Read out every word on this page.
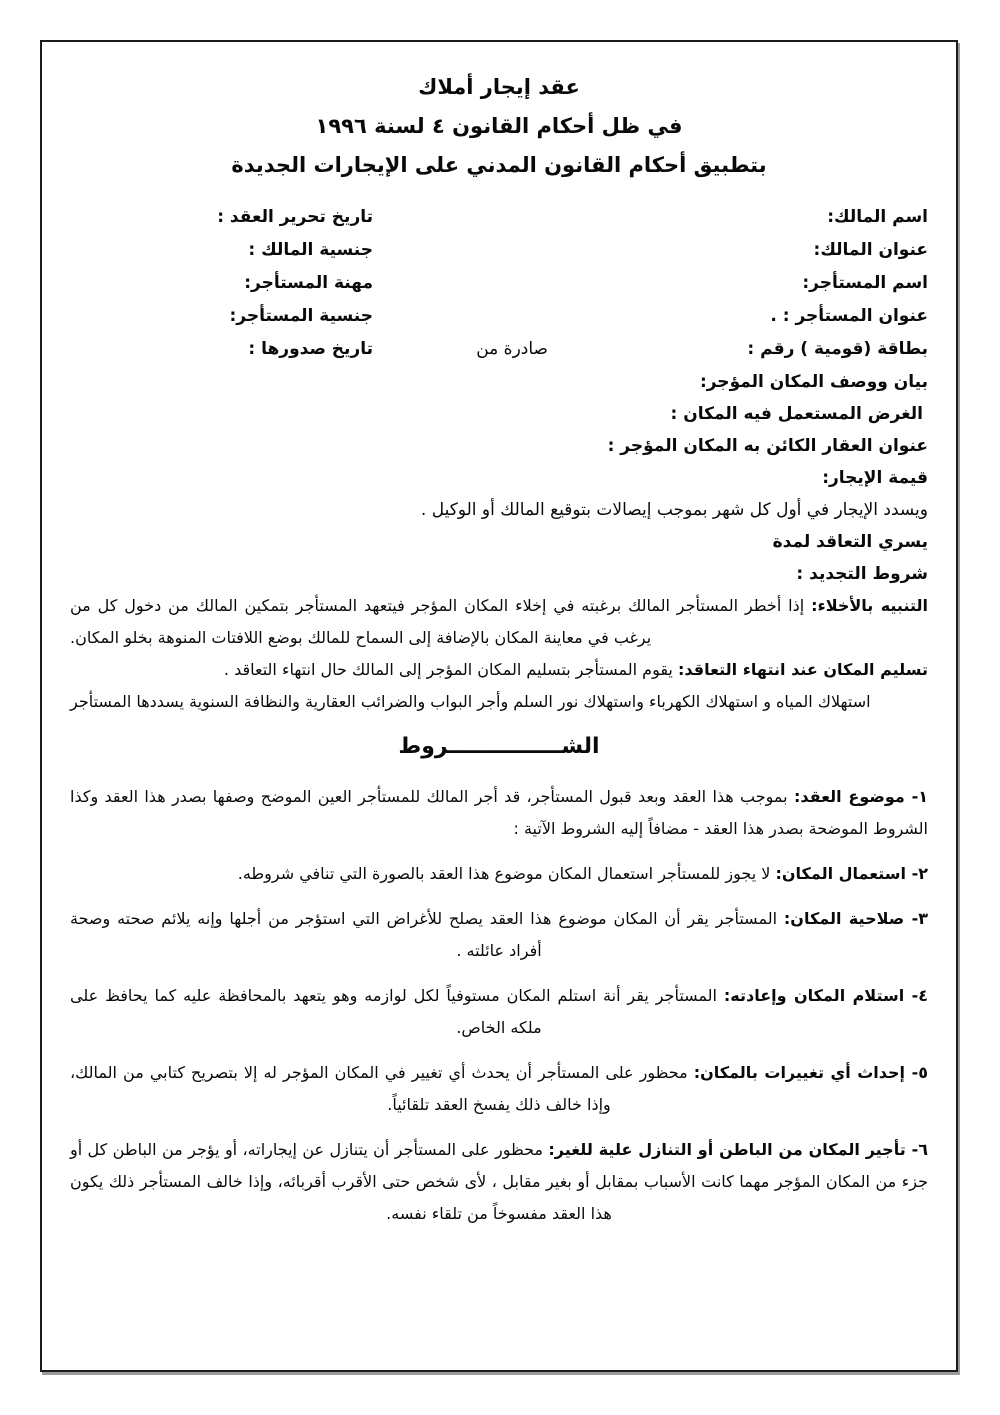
عقد إيجار أملاك
في ظل أحكام القانون ٤ لسنة ١٩٩٦
بتطبيق أحكام القانون المدني على الإيجارات الجديدة
اسم المالك:
تاريخ تحرير العقد :
عنوان المالك:
جنسية المالك :
اسم المستأجر:
مهنة المستأجر:
عنوان المستأجر : .
جنسية المستأجر:
بطاقة (قومية ) رقم :
صادرة من
تاريخ صدورها :
بيان ووصف المكان المؤجر:
الغرض المستعمل فيه المكان :
عنوان العقار الكائن به المكان المؤجر :
قيمة الإيجار:
ويسدد الإيجار في أول كل شهر بموجب إيصالات بتوقيع المالك أو الوكيل .
يسري التعاقد لمدة
شروط التجديد :

التنبيه بالأخلاء: إذا أخطر المستأجر المالك برغبته في إخلاء المكان المؤجر فيتعهد المستأجر بتمكين المالك من دخول كل من يرغب في معاينة المكان بالإضافة إلى السماح للمالك بوضع اللافتات المنوهة بخلو المكان.

تسليم المكان عند انتهاء التعاقد: يقوم المستأجر بتسليم المكان المؤجر إلى المالك حال انتهاء التعاقد .

استهلاك المياه و استهلاك الكهرباء واستهلاك نور السلم وأجر البواب والضرائب العقارية والنظافة السنوية يسددها المستأجر

الشـــــــــــــــروط

١- موضوع العقد: بموجب هذا العقد وبعد قبول المستأجر، قد أجر المالك للمستأجر العين الموضح وصفها بصدر هذا العقد وكذا الشروط الموضحة بصدر هذا العقد - مضافاً إليه الشروط الآتية :

٢- استعمال المكان: لا يجوز للمستأجر استعمال المكان موضوع هذا العقد بالصورة التي تنافي شروطه.

٣- صلاحية المكان: المستأجر يقر أن المكان موضوع هذا العقد يصلح للأغراض التي استؤجر من أجلها وإنه يلائم صحته وصحة أفراد عائلته .

٤- استلام المكان وإعادته: المستأجر يقر أنة استلم المكان مستوفياً لكل لوازمه وهو يتعهد بالمحافظة عليه كما يحافظ على ملكه الخاص.

٥- إحداث أي تغييرات بالمكان: محظور على المستأجر أن يحدث أي تغيير في المكان المؤجر له إلا بتصريح كتابي من المالك، وإذا خالف ذلك يفسخ العقد تلقائياً.

٦- تأجير المكان من الباطن أو التنازل علية للغير: محظور على المستأجر أن يتنازل عن إيجاراته، أو يؤجر من الباطن كل أو جزء من المكان المؤجر مهما كانت الأسباب بمقابل أو بغير مقابل ، لأى شخص حتى الأقرب أقربائه، وإذا خالف المستأجر ذلك يكون هذا العقد مفسوخاً من تلقاء نفسه.
